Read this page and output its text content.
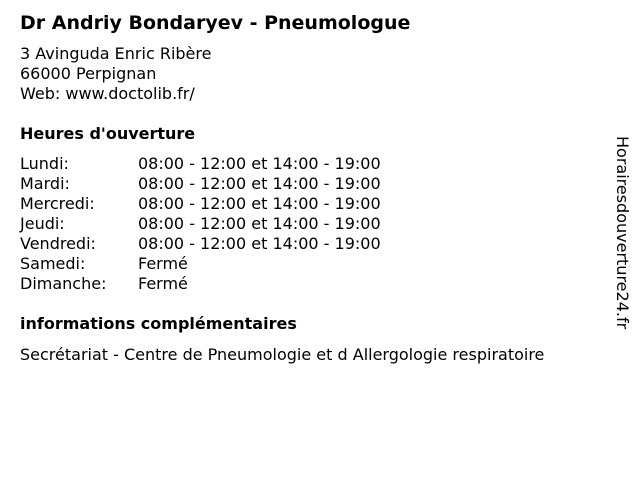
Dr Andriy Bondaryev - Pneumologue
3 Avinguda Enric Ribère
66000 Perpignan
Web: www.doctolib.fr/
Heures d'ouverture
Lundi:	08:00 - 12:00 et 14:00 - 19:00
Mardi:	08:00 - 12:00 et 14:00 - 19:00
Mercredi:	08:00 - 12:00 et 14:00 - 19:00
Jeudi:	08:00 - 12:00 et 14:00 - 19:00
Vendredi:	08:00 - 12:00 et 14:00 - 19:00
Samedi:	Fermé
Dimanche: Fermé
informations complémentaires
Secrétariat - Centre de Pneumologie et d Allergologie respiratoire
Horairesdouverture24.fr
